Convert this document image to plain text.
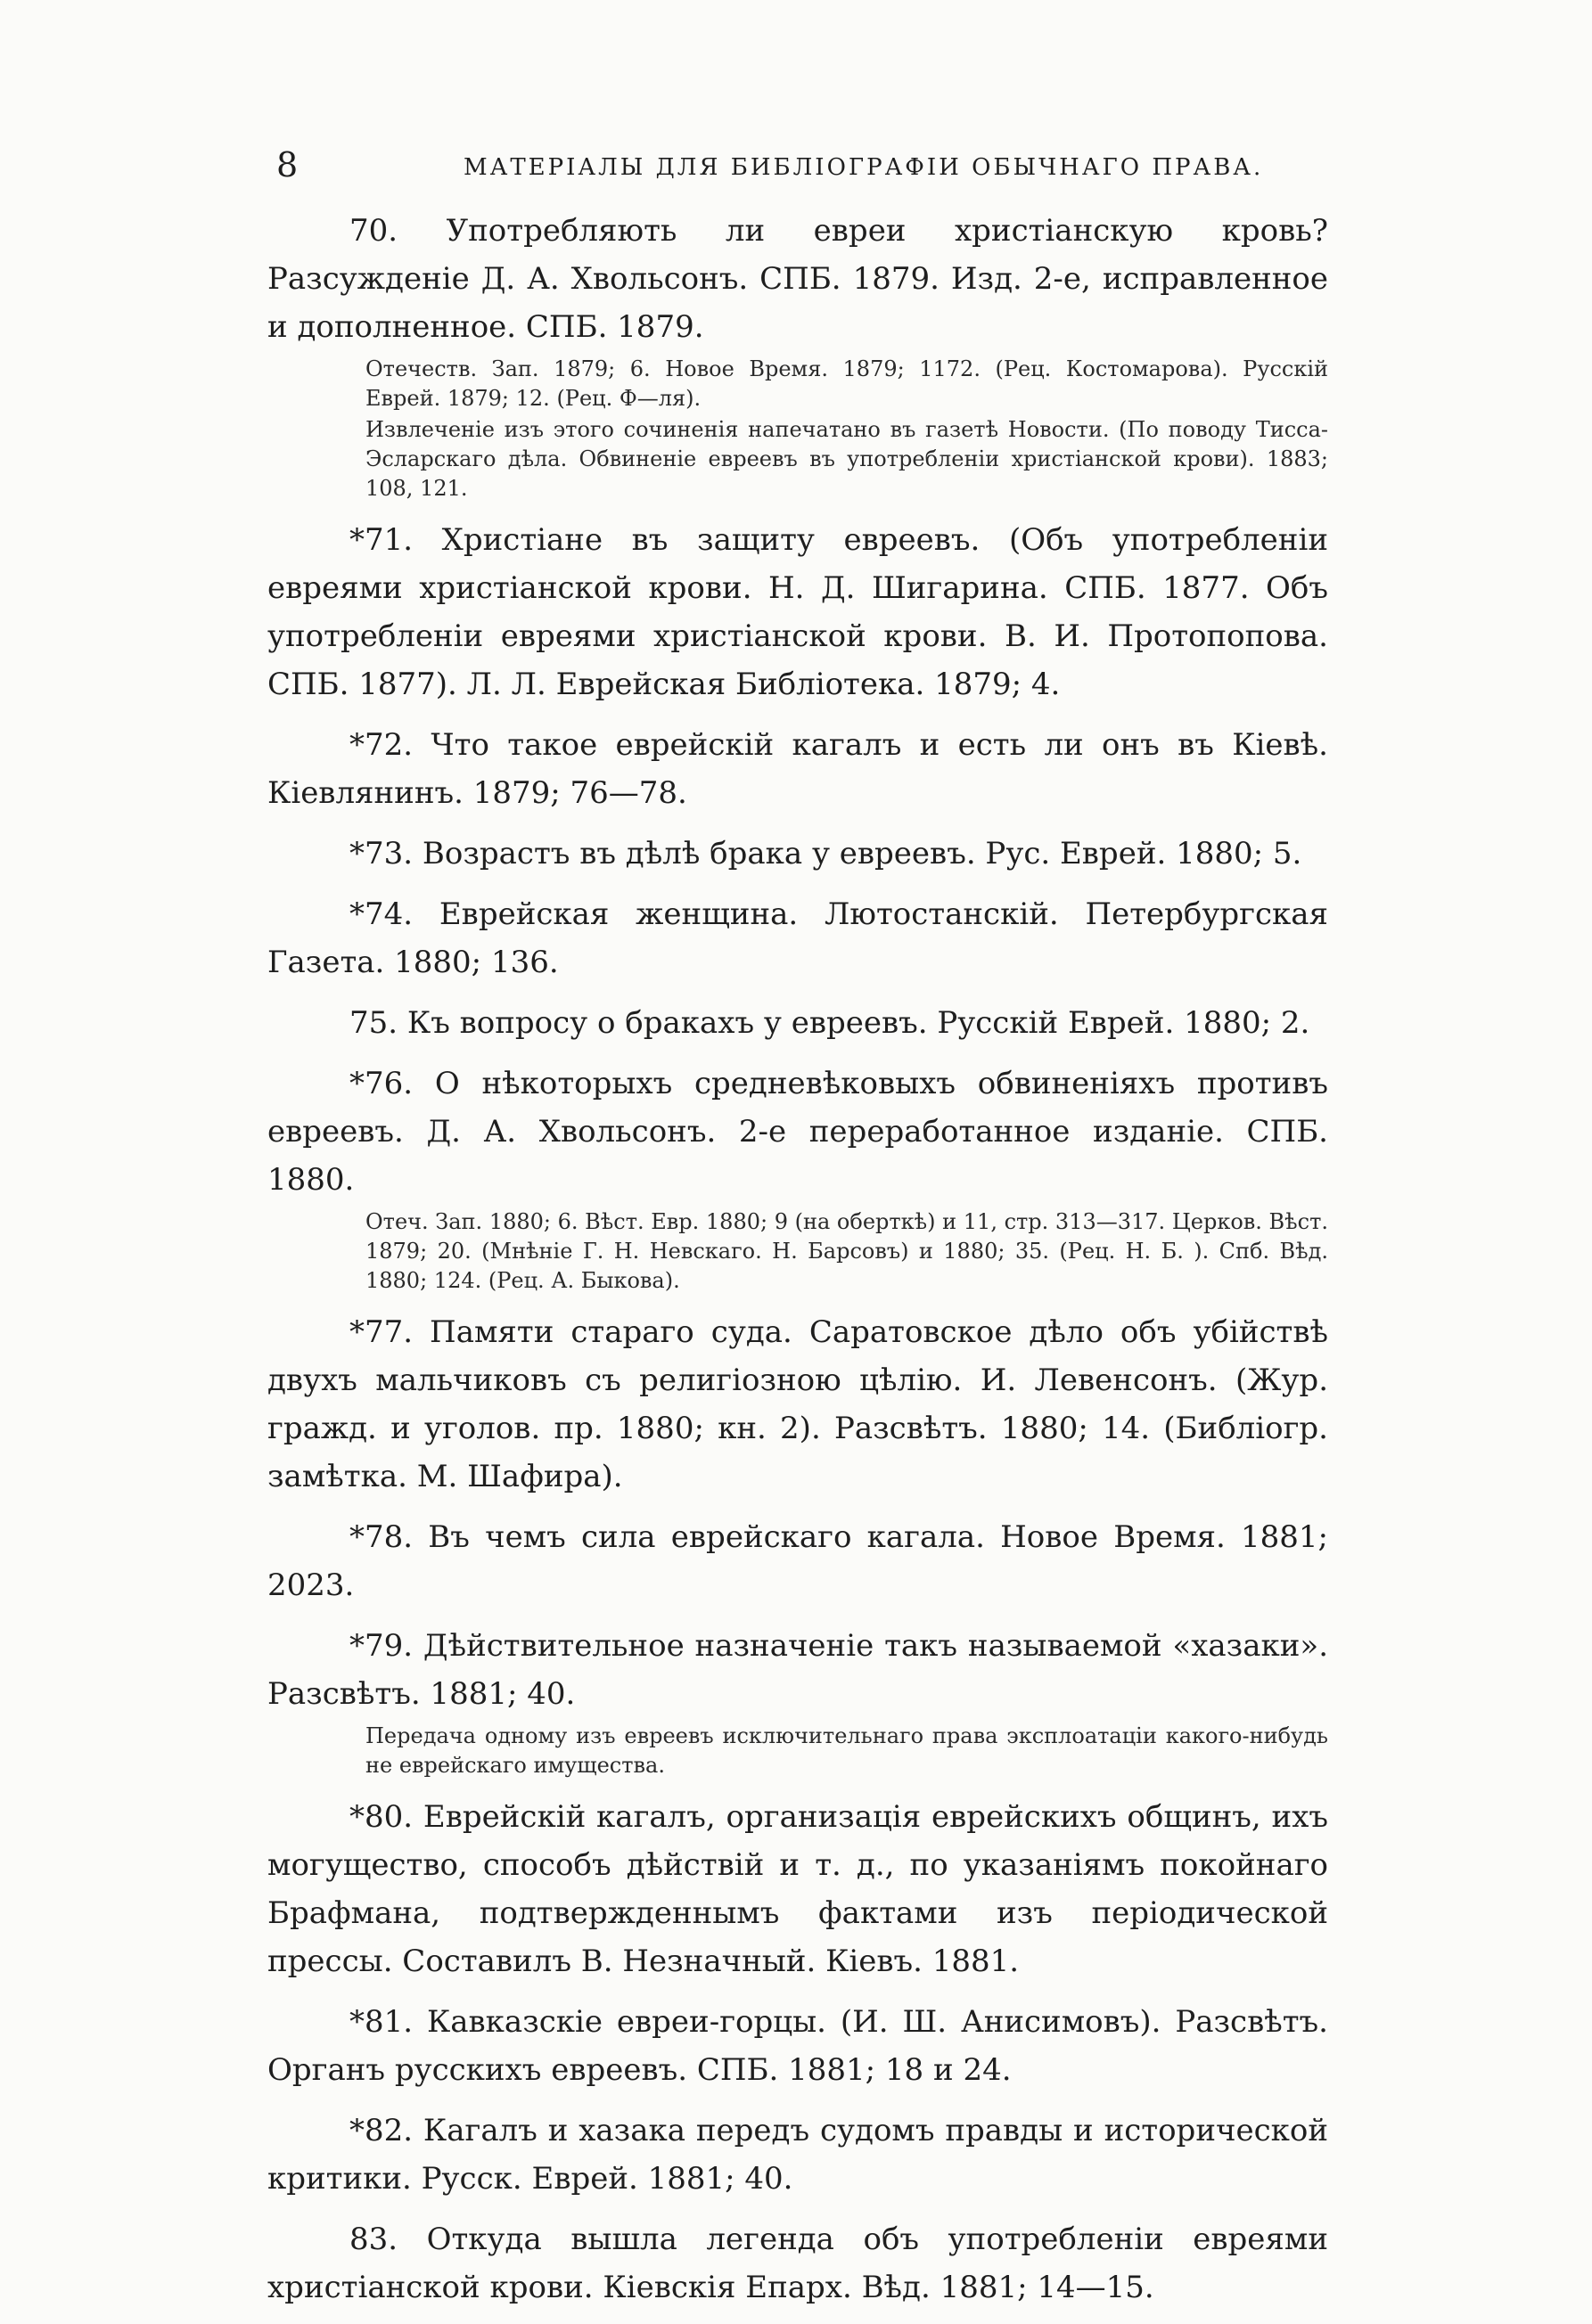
8	МАТЕРІАЛЫ ДЛЯ БИБЛІОГРАФІИ ОБЫЧНАГО ПРАВА.

70. Употребляють ли евреи христіанскую кровь? Разсужденіе Д. А. Хвольсонъ. СПБ. 1879. Изд. 2-е, исправленное и дополненное. СПБ. 1879.

Отечеств. Зап. 1879; 6. Новое Время. 1879; 1172. (Рец. Костомарова). Русскій Еврей. 1879; 12. (Рец. Ф—ля).

Извлеченіе изъ этого сочиненія напечатано въ газетѣ Новости. (По поводу Тисса-Эсларскаго дѣла. Обвиненіе евреевъ въ употребленіи христіанской крови). 1883; 108, 121.

*71. Христіане въ защиту евреевъ. (Объ употребленіи евреями христіанской крови. Н. Д. Шигарина. СПБ. 1877. Объ употребленіи евреями христіанской крови. В. И. Протопопова. СПБ. 1877). Л. Л. Еврейская Библіотека. 1879; 4.

*72. Что такое еврейскій кагалъ и есть ли онъ въ Кіевѣ. Кіевлянинъ. 1879; 76—78.

*73. Возрастъ въ дѣлѣ брака у евреевъ. Рус. Еврей. 1880; 5.

*74. Еврейская женщина. Лютостанскій. Петербургская Газета. 1880; 136.

75. Къ вопросу о бракахъ у евреевъ. Русскій Еврей. 1880; 2.

*76. О нѣкоторыхъ средневѣковыхъ обвиненіяхъ противъ евреевъ. Д. А. Хвольсонъ. 2-е переработанное изданіе. СПБ. 1880.

Отеч. Зап. 1880; 6. Вѣст. Евр. 1880; 9 (на оберткѣ) и 11, стр. 313—317. Церков. Вѣст. 1879; 20. (Мнѣніе Г. Н. Невскаго. Н. Барсовъ) и 1880; 35. (Рец. Н. Б. ). Спб. Вѣд. 1880; 124. (Рец. А. Быкова).

*77. Памяти стараго суда. Саратовское дѣло объ убійствѣ двухъ мальчиковъ съ религіозною цѣлію. И. Левенсонъ. (Жур. гражд. и уголов. пр. 1880; кн. 2). Разсвѣтъ. 1880; 14. (Библіогр. замѣтка. М. Шафира).

*78. Въ чемъ сила еврейскаго кагала. Новое Время. 1881; 2023.

*79. Дѣйствительное назначеніе такъ называемой «хазаки». Разсвѣтъ. 1881; 40.

Передача одному изъ евреевъ исключительнаго права эксплоатаціи какого-нибудь не еврейскаго имущества.

*80. Еврейскій кагалъ, организація еврейскихъ общинъ, ихъ могущество, способъ дѣйствій и т. д., по указаніямъ покойнаго Брафмана, подтвержденнымъ фактами изъ періодической прессы. Составилъ В. Незначный. Кіевъ. 1881.

*81. Кавказскіе евреи-горцы. (И. Ш. Анисимовъ). Разсвѣтъ. Органъ русскихъ евреевъ. СПБ. 1881; 18 и 24.

*82. Кагалъ и хазака передъ судомъ правды и исторической критики. Русск. Еврей. 1881; 40.

83. Откуда вышла легенда объ употребленіи евреями христіанской крови. Кіевскія Епарх. Вѣд. 1881; 14—15.
